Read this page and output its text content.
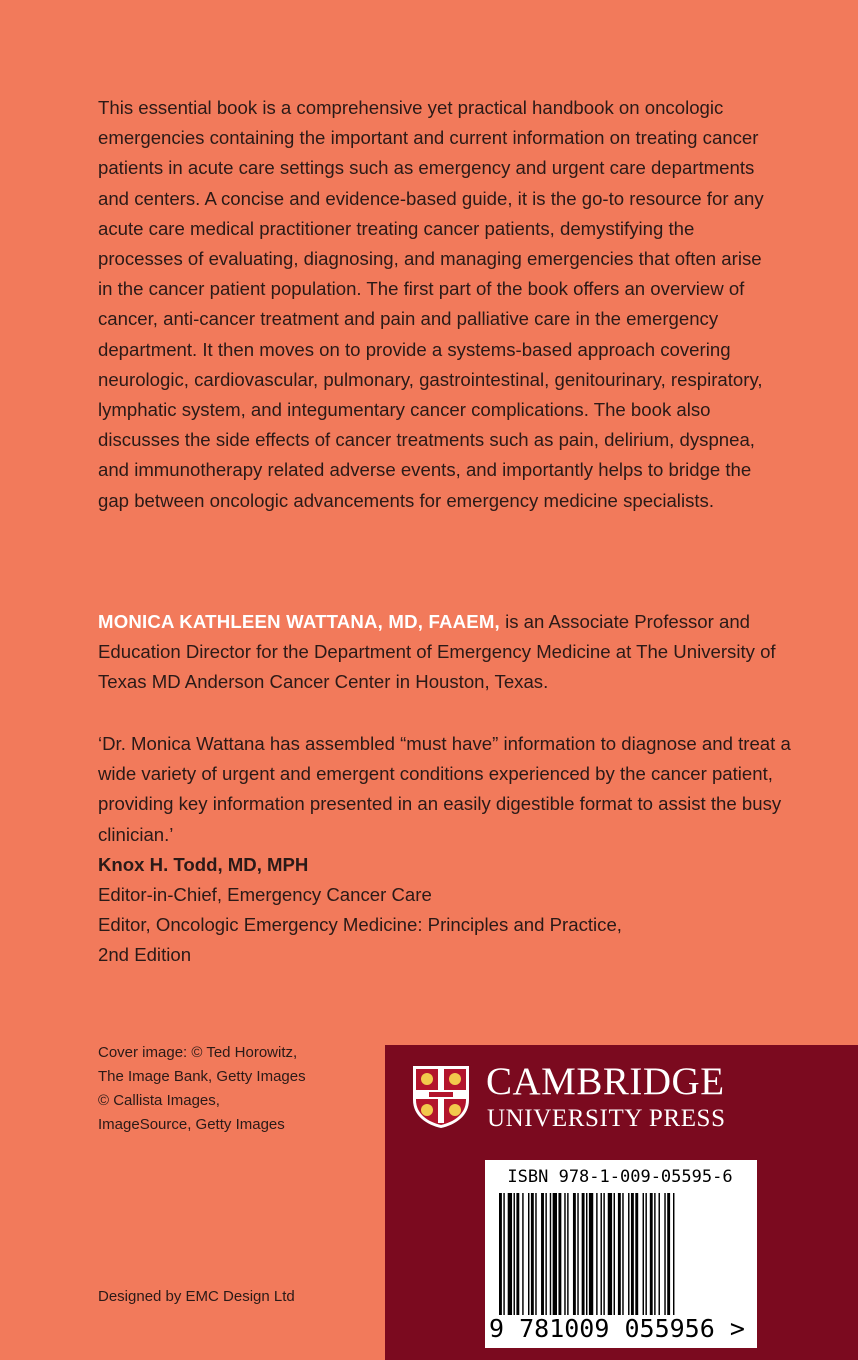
This essential book is a comprehensive yet practical handbook on oncologic emergencies containing the important and current information on treating cancer patients in acute care settings such as emergency and urgent care departments and centers. A concise and evidence-based guide, it is the go-to resource for any acute care medical practitioner treating cancer patients, demystifying the processes of evaluating, diagnosing, and managing emergencies that often arise in the cancer patient population. The first part of the book offers an overview of cancer, anti-cancer treatment and pain and palliative care in the emergency department. It then moves on to provide a systems-based approach covering neurologic, cardiovascular, pulmonary, gastrointestinal, genitourinary, respiratory, lymphatic system, and integumentary cancer complications. The book also discusses the side effects of cancer treatments such as pain, delirium, dyspnea, and immunotherapy related adverse events, and importantly helps to bridge the gap between oncologic advancements for emergency medicine specialists.

MONICA KATHLEEN WATTANA, MD, FAAEM, is an Associate Professor and Education Director for the Department of Emergency Medicine at The University of Texas MD Anderson Cancer Center in Houston, Texas.

‘Dr. Monica Wattana has assembled “must have” information to diagnose and treat a wide variety of urgent and emergent conditions experienced by the cancer patient, providing key information presented in an easily digestible format to assist the busy clinician.’

Knox H. Todd, MD, MPH

Editor-in-Chief, Emergency Cancer Care

Editor, Oncologic Emergency Medicine: Principles and Practice,

2nd Edition

Cover image: © Ted Horowitz,

The Image Bank, Getty Images

© Callista Images,

ImageSource, Getty Images

Designed by EMC Design Ltd
CAMBRIDGE
UNIVERSITY PRESS
ISBN 978-1-009-05595-6
9 781009 055956 >
